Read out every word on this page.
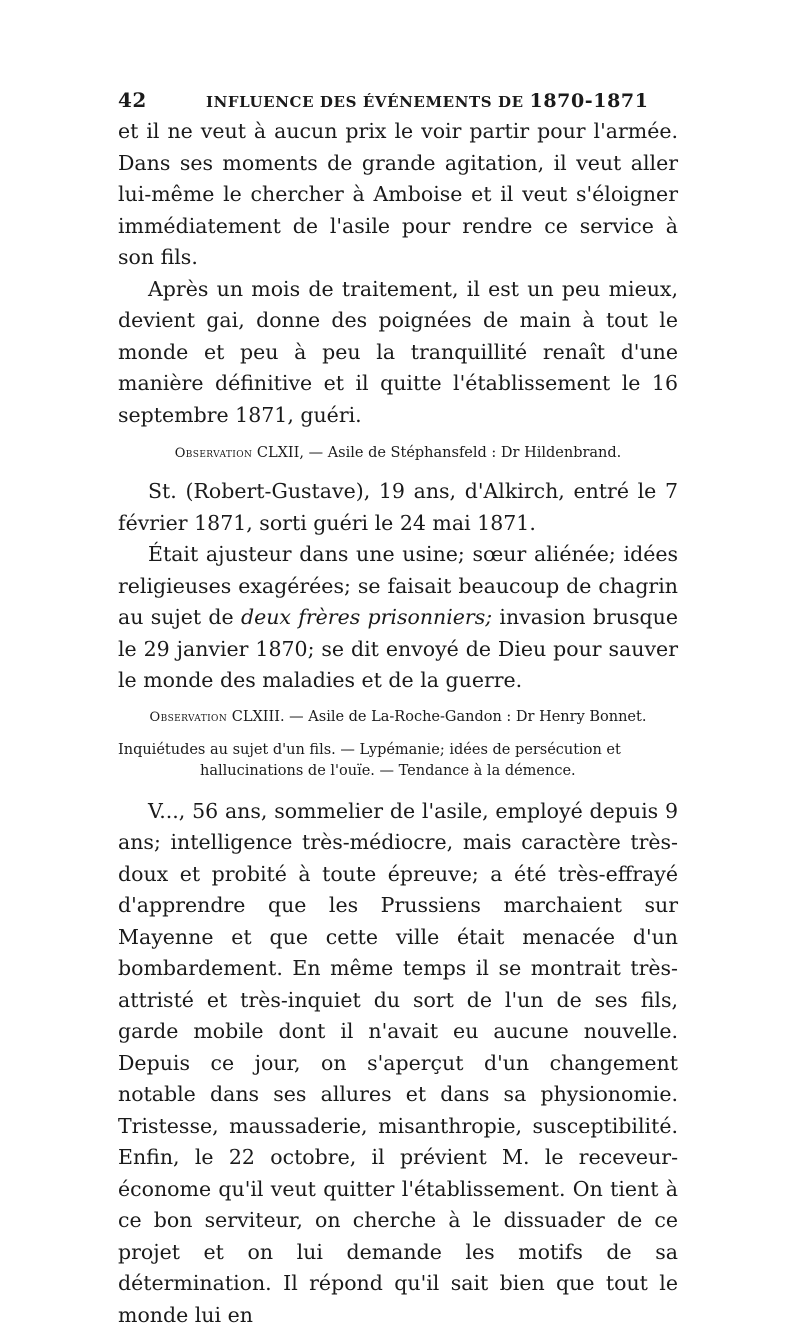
42	INFLUENCE DES ÉVÉNEMENTS DE 1870-1871

et il ne veut à aucun prix le voir partir pour l'armée. Dans ses moments de grande agitation, il veut aller lui-même le chercher à Amboise et il veut s'éloigner immédiatement de l'asile pour rendre ce service à son fils.

Après un mois de traitement, il est un peu mieux, devient gai, donne des poignées de main à tout le monde et peu à peu la tranquillité renaît d'une manière définitive et il quitte l'établissement le 16 septembre 1871, guéri.

Observation CLXII, — Asile de Stéphansfeld : Dr Hildenbrand.

St. (Robert-Gustave), 19 ans, d'Alkirch, entré le 7 février 1871, sorti guéri le 24 mai 1871.

Était ajusteur dans une usine; sœur aliénée; idées religieuses exagérées; se faisait beaucoup de chagrin au sujet de deux frères prisonniers; invasion brusque le 29 janvier 1870; se dit envoyé de Dieu pour sauver le monde des maladies et de la guerre.

Observation CLXIII. — Asile de La-Roche-Gandon : Dr Henry Bonnet.
Inquiétudes au sujet d'un fils. — Lypémanie; idées de persécution et
hallucinations de l'ouïe. — Tendance à la démence.

V..., 56 ans, sommelier de l'asile, employé depuis 9 ans; intelligence très-médiocre, mais caractère très-doux et probité à toute épreuve; a été très-effrayé d'apprendre que les Prussiens marchaient sur Mayenne et que cette ville était menacée d'un bombardement. En même temps il se montrait très-attristé et très-inquiet du sort de l'un de ses fils, garde mobile dont il n'avait eu aucune nouvelle. Depuis ce jour, on s'aperçut d'un changement notable dans ses allures et dans sa physionomie. Tristesse, maussaderie, misanthropie, susceptibilité. Enfin, le 22 octobre, il prévient M. le receveur-économe qu'il veut quitter l'établissement. On tient à ce bon serviteur, on cherche à le dissuader de ce projet et on lui demande les motifs de sa détermination. Il répond qu'il sait bien que tout le monde lui en
